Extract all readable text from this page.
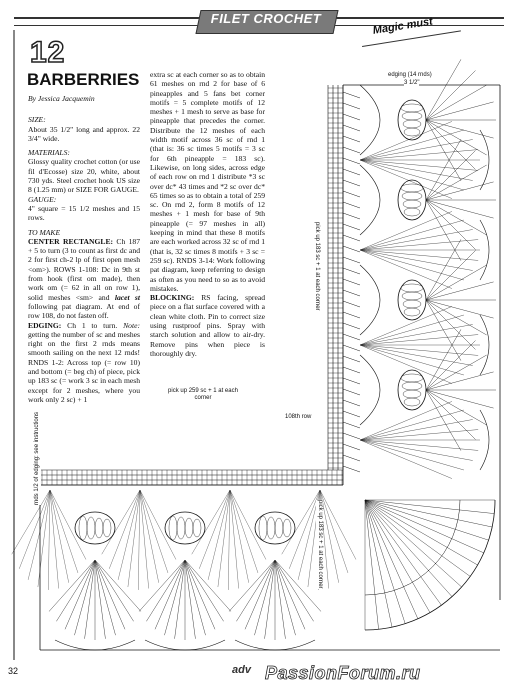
FILET CROCHET	Magic must
12
BARBERRIES

By Jessica Jacquemin

SIZE:

About 35 1/2" long and approx. 22 3/4" wide.

MATERIALS:

Glossy quality crochet cotton (or use fil d'Ecosse) size 20, white, about 730 yds. Steel crochet hook US size 8 (1.25 mm) or SIZE FOR GAUGE.

GAUGE:

4" square = 15 1/2 meshes and 15 rows.

TO MAKE

CENTER RECTANGLE: Ch 187 + 5 to turn (3 to count as first dc and 2 for first ch-2 lp of first open mesh <om>). ROWS 1-108: Dc in 9th st from hook (first om made), then work om (= 62 in all on row 1), solid meshes <sm> and lacet st following pat diagram. At end of row 108, do not fasten off.

EDGING: Ch 1 to turn. Note: getting the number of sc and meshes right on the first 2 rnds means smooth sailing on the next 12 rnds! RNDS 1-2: Across top (= row 10) and bottom (= beg ch) of piece, pick up 183 sc (= work 3 sc in each mesh except for 2 meshes, where you work only 2 sc) + 1

extra sc at each corner so as to obtain 61 meshes on rnd 2 for base of 6 pineapples and 5 fans bet corner motifs = 5 complete motifs of 12 meshes + 1 mesh to serve as base for pineapple that precedes the corner. Distribute the 12 meshes of each width motif across 36 sc of rnd 1 (that is: 36 sc times 5 motifs = 3 sc for 6th pineapple = 183 sc). Likewise, on long sides, across edge of each row on rnd 1 distribute *3 sc over dc* 43 times and *2 sc over dc* 65 times so as to obtain a total of 259 sc. On rnd 2, form 8 motifs of 12 meshes + 1 mesh for base of 9th pineapple (= 97 meshes in all) keeping in mind that these 8 motifs are each worked across 32 sc of rnd 1 (that is, 32 sc times 8 motifs + 3 sc = 259 sc). RNDS 3-14: Work following pat diagram, keep referring to design as often as you need to so as to avoid mistakes.

BLOCKING: RS facing, spread piece on a flat surface covered with a clean white cloth. Pin to correct size using rustproof pins. Spray with starch solution and allow to air-dry. Remove pins when piece is thoroughly dry.

edging (14 rnds)
3 1/2"
pick up 183 sc + 1 at each corner
pick up 259 sc + 1 at each corner
108th row
rnds 1/2 of edging: see instructions
pick up 183 sc + 1 at each corner
32	adv PassionForum.ru
